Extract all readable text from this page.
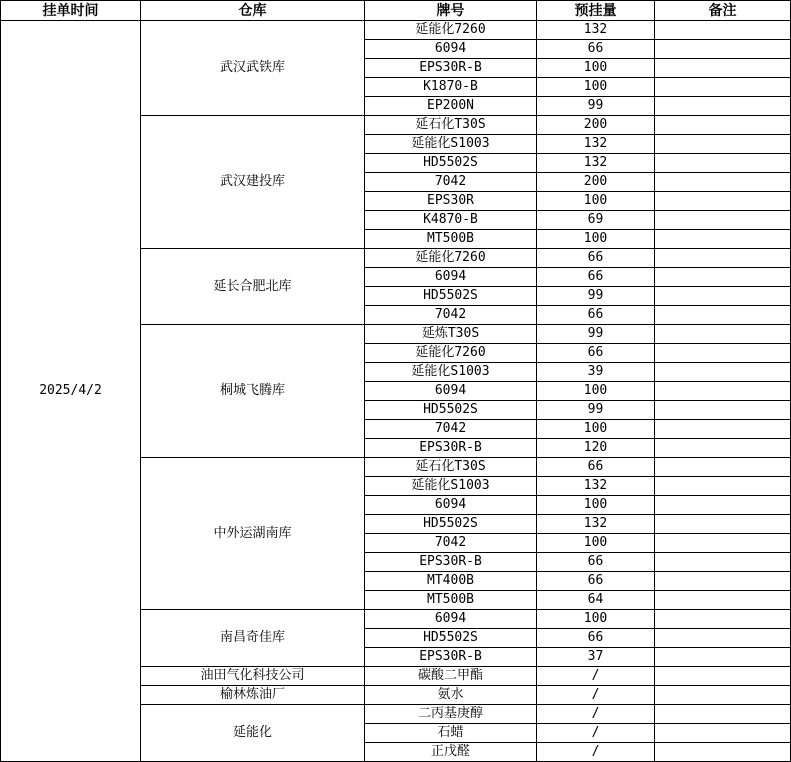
挂单时间	仓库	牌号	预挂量	备注
2025/4/2	武汉武铁库	延能化7260	132	
		6094	66	
		EPS30R-B	100	
		K1870-B	100	
		EP200N	99	
	武汉建投库	延石化T30S	200	
		延能化S1003	132	
		HD5502S	132	
		7042	200	
		EPS30R	100	
		K4870-B	69	
		MT500B	100	
	延长合肥北库	延能化7260	66	
		6094	66	
		HD5502S	99	
		7042	66	
	桐城飞腾库	延炼T30S	99	
		延能化7260	66	
		延能化S1003	39	
		6094	100	
		HD5502S	99	
		7042	100	
		EPS30R-B	120	
	中外运湖南库	延石化T30S	66	
		延能化S1003	132	
		6094	100	
		HD5502S	132	
		7042	100	
		EPS30R-B	66	
		MT400B	66	
		MT500B	64	
	南昌奇佳库	6094	100	
		HD5502S	66	
		EPS30R-B	37	
	油田气化科技公司	碳酸二甲酯	/	
	榆林炼油厂	氨水	/	
	延能化	二丙基庚醇	/	
		石蜡	/	
		正戊醛	/	
